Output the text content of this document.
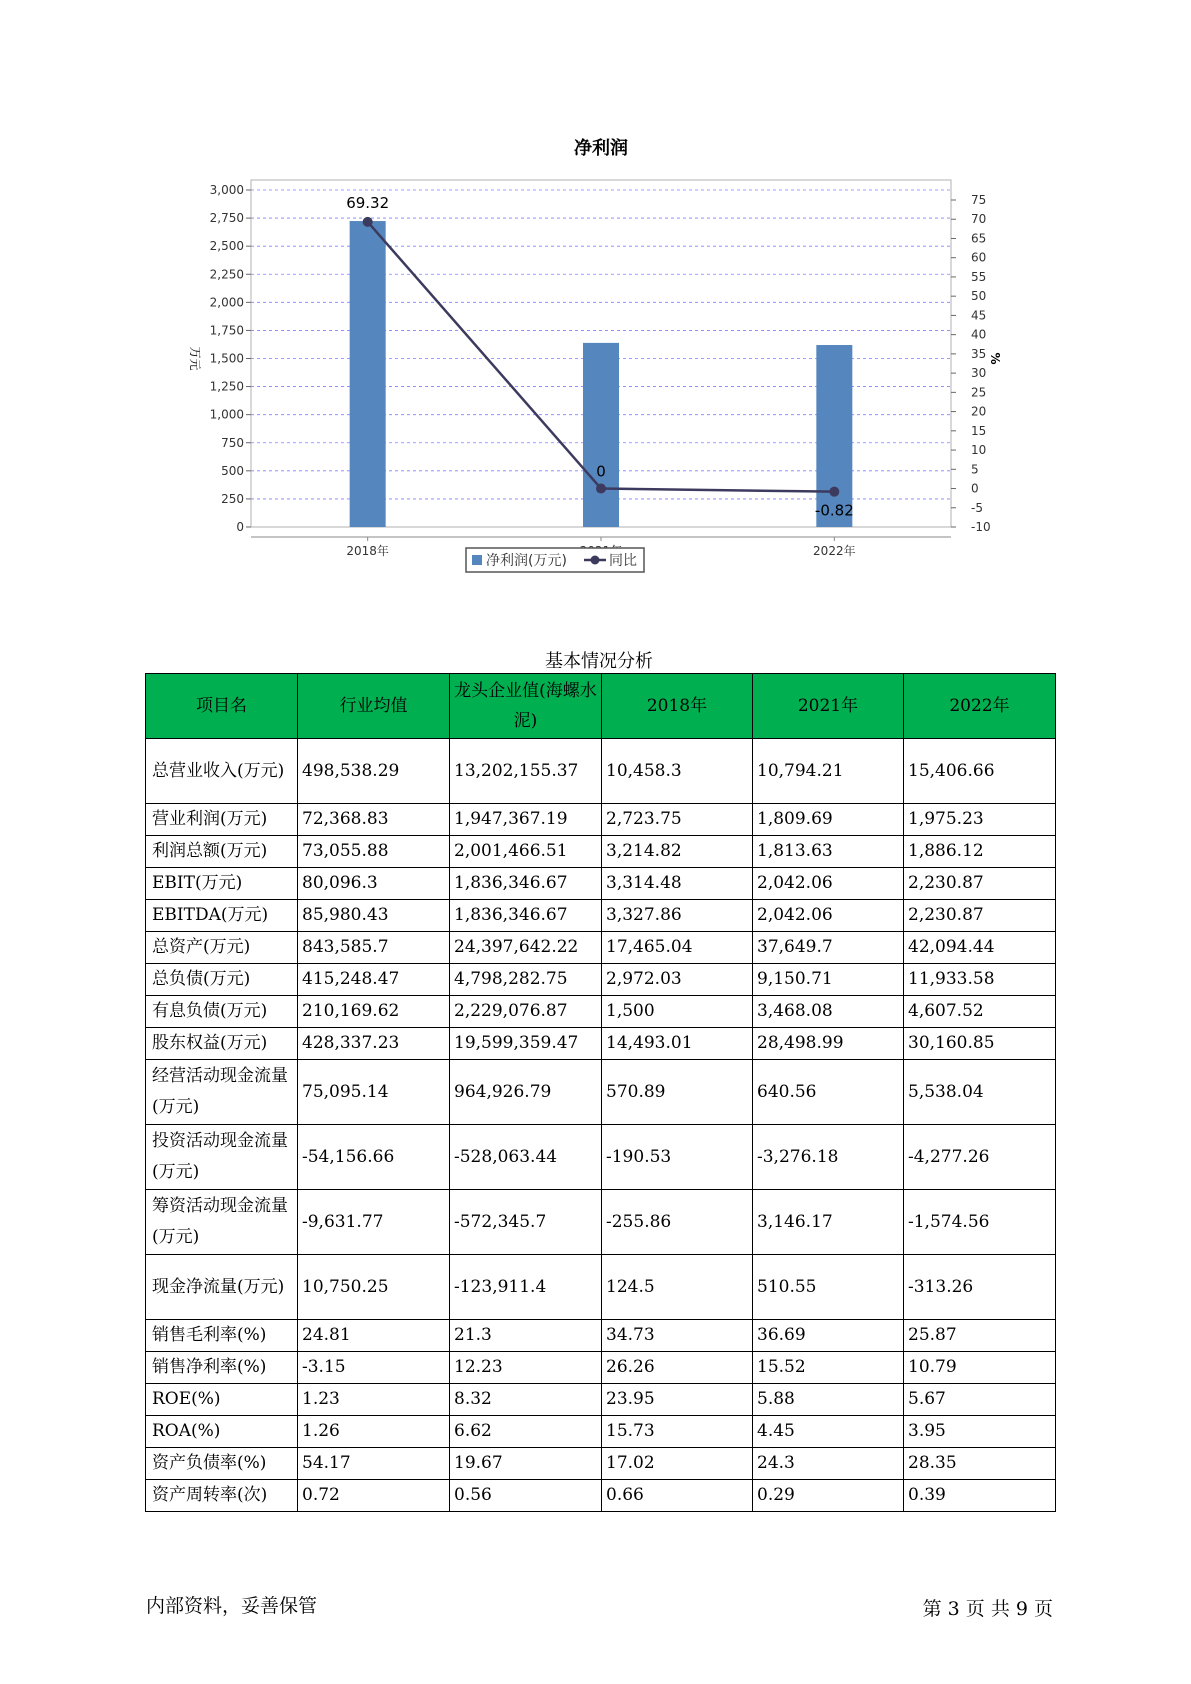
净利润
0
250
500
750
1,000
1,250
1,500
1,750
2,000
2,250
2,500
2,750
3,000
-10
-5
0
5
10
15
20
25
30
35
40
45
50
55
60
65
70
75
万元	%
2018年	2022年
69.32
0
-0.82
净利润(万元)	同比
基本情况分析
项目名	行业均值	龙头企业值(海螺水泥)	2018年	2021年	2022年
总营业收入(万元)	498,538.29	13,202,155.37	10,458.3	10,794.21	15,406.66
营业利润(万元)	72,368.83	1,947,367.19	2,723.75	1,809.69	1,975.23
利润总额(万元)	73,055.88	2,001,466.51	3,214.82	1,813.63	1,886.12
EBIT(万元)	80,096.3	1,836,346.67	3,314.48	2,042.06	2,230.87
EBITDA(万元)	85,980.43	1,836,346.67	3,327.86	2,042.06	2,230.87
总资产(万元)	843,585.7	24,397,642.22	17,465.04	37,649.7	42,094.44
总负债(万元)	415,248.47	4,798,282.75	2,972.03	9,150.71	11,933.58
有息负债(万元)	210,169.62	2,229,076.87	1,500	3,468.08	4,607.52
股东权益(万元)	428,337.23	19,599,359.47	14,493.01	28,498.99	30,160.85
经营活动现金流量(万元)	75,095.14	964,926.79	570.89	640.56	5,538.04
投资活动现金流量(万元)	-54,156.66	-528,063.44	-190.53	-3,276.18	-4,277.26
筹资活动现金流量(万元)	-9,631.77	-572,345.7	-255.86	3,146.17	-1,574.56
现金净流量(万元)	10,750.25	-123,911.4	124.5	510.55	-313.26
销售毛利率(%)	24.81	21.3	34.73	36.69	25.87
销售净利率(%)	-3.15	12.23	26.26	15.52	10.79
ROE(%)	1.23	8.32	23.95	5.88	5.67
ROA(%)	1.26	6.62	15.73	4.45	3.95
资产负债率(%)	54.17	19.67	17.02	24.3	28.35
资产周转率(次)	0.72	0.56	0.66	0.29	0.39
内部资料，妥善保管	第 3 页 共 9 页
